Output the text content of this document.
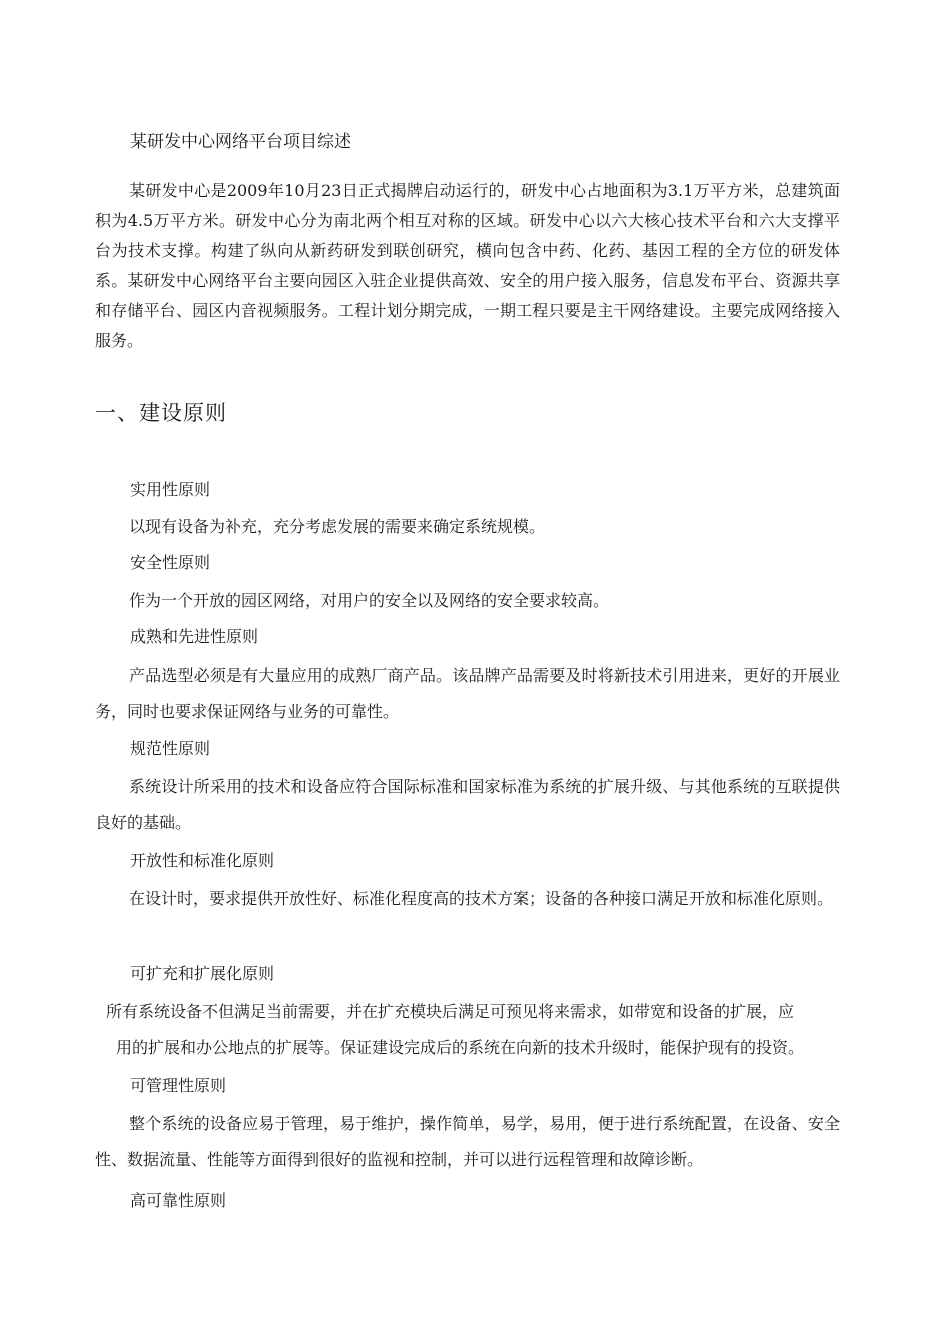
某研发中心网络平台项目综述

某研发中心是2009年10月23日正式揭牌启动运行的，研发中心占地面积为3.1万平方米，总建筑面积为4.5万平方米。研发中心分为南北两个相互对称的区域。研发中心以六大核心技术平台和六大支撑平台为技术支撑。构建了纵向从新药研发到联创研究，横向包含中药、化药、基因工程的全方位的研发体系。某研发中心网络平台主要向园区入驻企业提供高效、安全的用户接入服务，信息发布平台、资源共享和存储平台、园区内音视频服务。工程计划分期完成，一期工程只要是主干网络建设。主要完成网络接入服务。

一、建设原则

实用性原则

以现有设备为补充，充分考虑发展的需要来确定系统规模。

安全性原则

作为一个开放的园区网络，对用户的安全以及网络的安全要求较高。

成熟和先进性原则

产品选型必须是有大量应用的成熟厂商产品。该品牌产品需要及时将新技术引用进来，更好的开展业务，同时也要求保证网络与业务的可靠性。

规范性原则

系统设计所采用的技术和设备应符合国际标准和国家标准为系统的扩展升级、与其他系统的互联提供良好的基础。

开放性和标准化原则

在设计时，要求提供开放性好、标准化程度高的技术方案；设备的各种接口满足开放和标准化原则。

可扩充和扩展化原则

所有系统设备不但满足当前需要，并在扩充模块后满足可预见将来需求，如带宽和设备的扩展，应
用的扩展和办公地点的扩展等。保证建设完成后的系统在向新的技术升级时，能保护现有的投资。

可管理性原则

整个系统的设备应易于管理，易于维护，操作简单，易学，易用，便于进行系统配置，在设备、安全性、数据流量、性能等方面得到很好的监视和控制，并可以进行远程管理和故障诊断。

高可靠性原则
